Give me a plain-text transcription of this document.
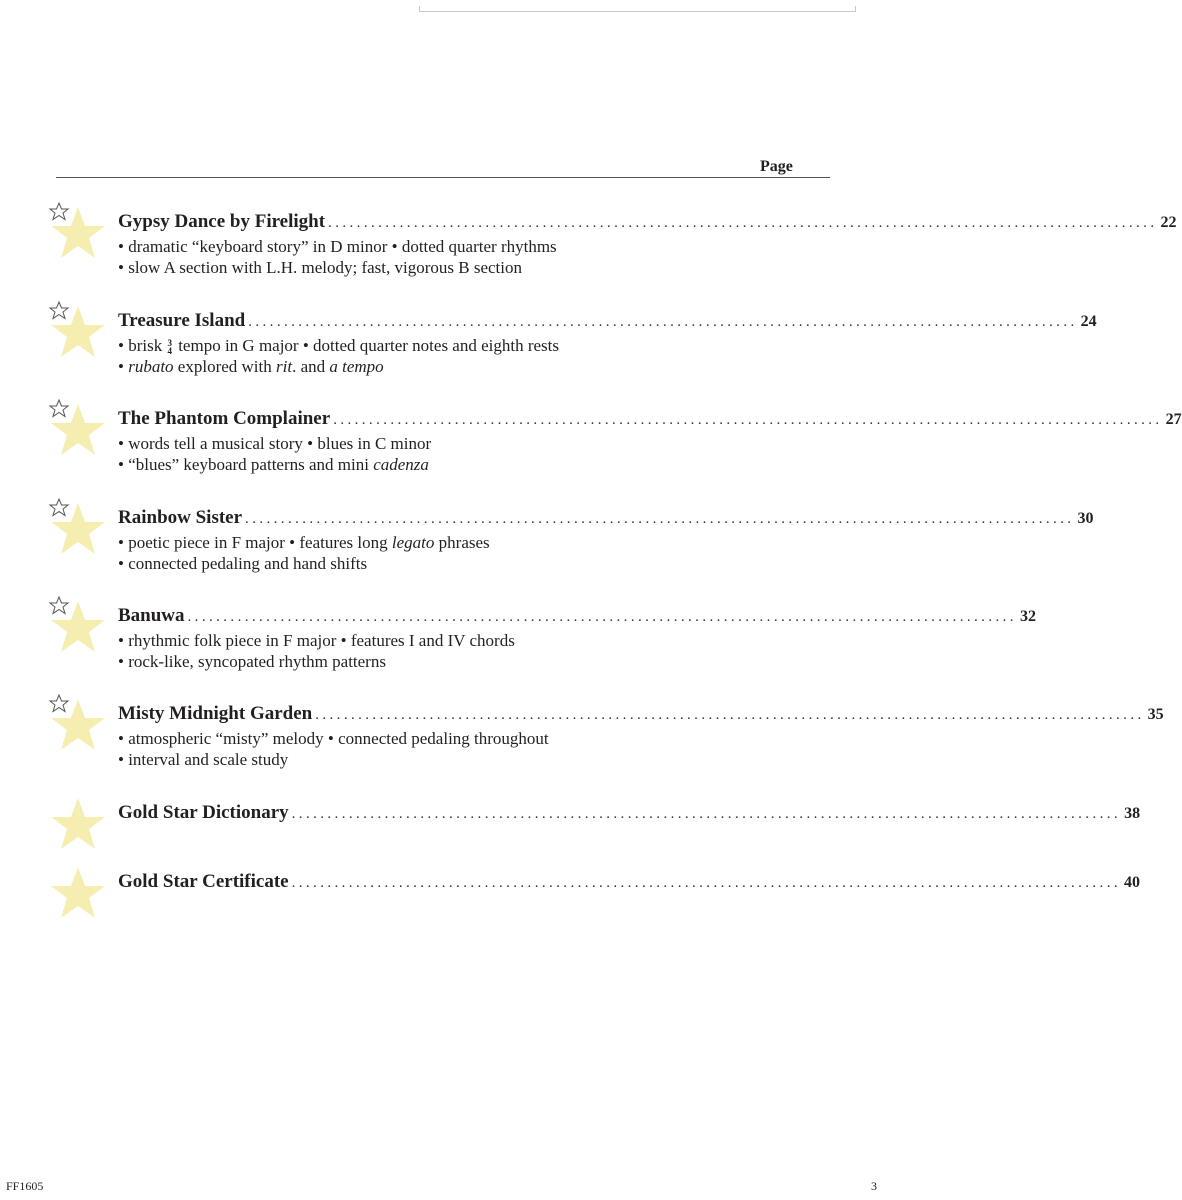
Page
Gypsy Dance by Firelight .................................................................................................................... 22
• dramatic “keyboard story” in D minor • dotted quarter rhythms
• slow A section with L.H. melody; fast, vigorous B section
Treasure Island .................................................................................................................... 24
• brisk 3
4 tempo in G major • dotted quarter notes and eighth rests
• rubato explored with rit. and a tempo
The Phantom Complainer .................................................................................................................... 27
• words tell a musical story • blues in C minor
• “blues” keyboard patterns and mini cadenza
Rainbow Sister .................................................................................................................... 30
• poetic piece in F major • features long legato phrases
• connected pedaling and hand shifts
Banuwa .................................................................................................................... 32
• rhythmic folk piece in F major • features I and IV chords
• rock-like, syncopated rhythm patterns
Misty Midnight Garden .................................................................................................................... 35
• atmospheric “misty” melody • connected pedaling throughout
• interval and scale study
Gold Star Dictionary .................................................................................................................... 38
Gold Star Certificate .................................................................................................................... 40
FF1605	3
